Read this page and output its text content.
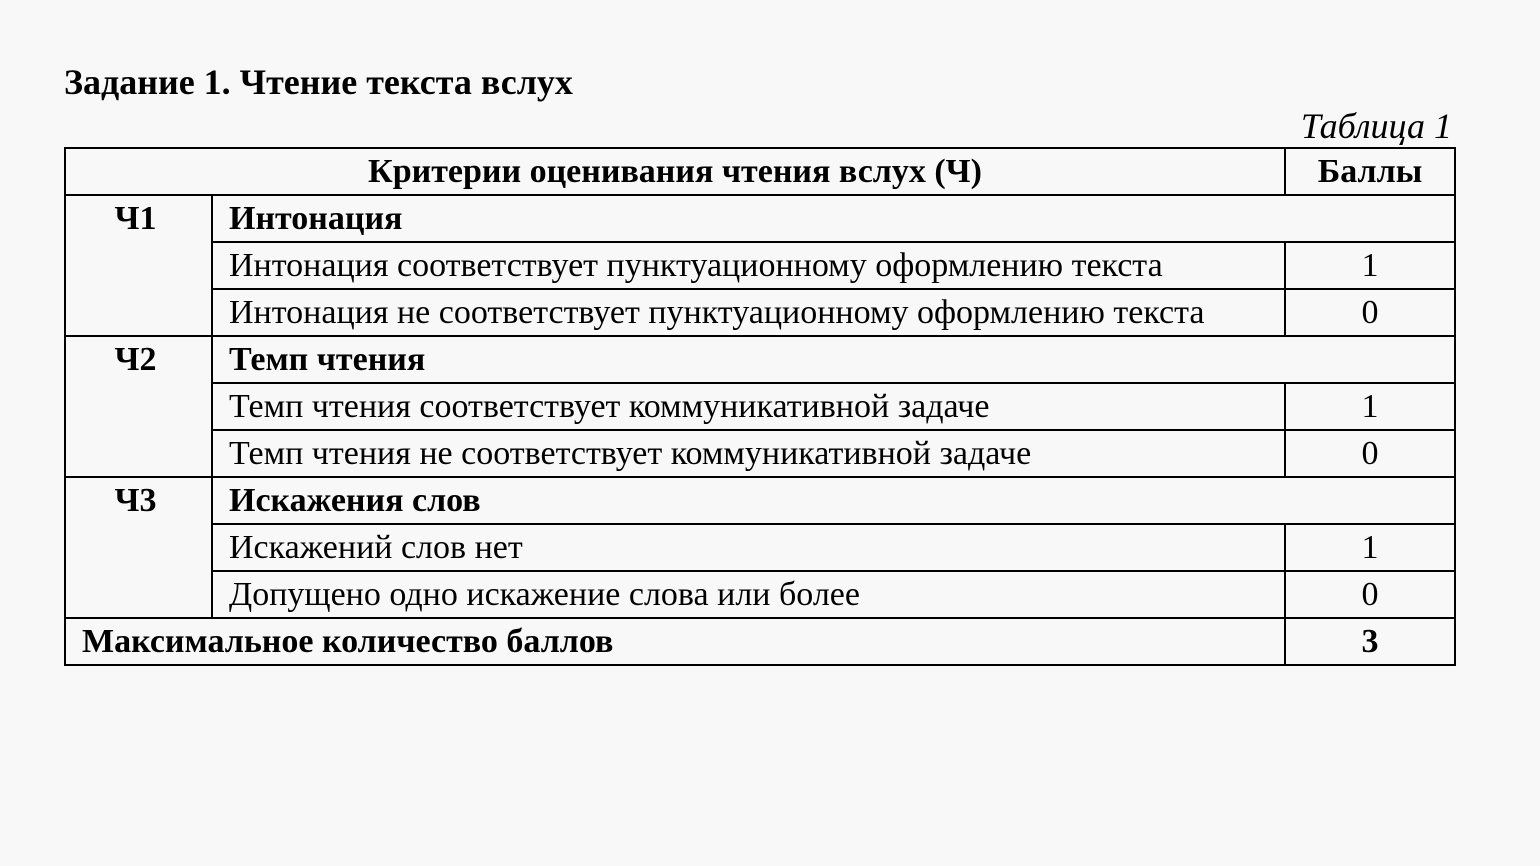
Задание 1. Чтение текста вслух
Таблица 1
Критерии оценивания чтения вслух (Ч)		Баллы
Ч1	Интонация	
	Интонация соответствует пунктуационному оформлению текста	1
	Интонация не соответствует пунктуационному оформлению текста	0
Ч2	Темп чтения	
	Темп чтения соответствует коммуникативной задаче	1
	Темп чтения не соответствует коммуникативной задаче	0
Ч3	Искажения слов	
	Искажений слов нет	1
	Допущено одно искажение слова или более	0
Максимальное количество баллов		3
